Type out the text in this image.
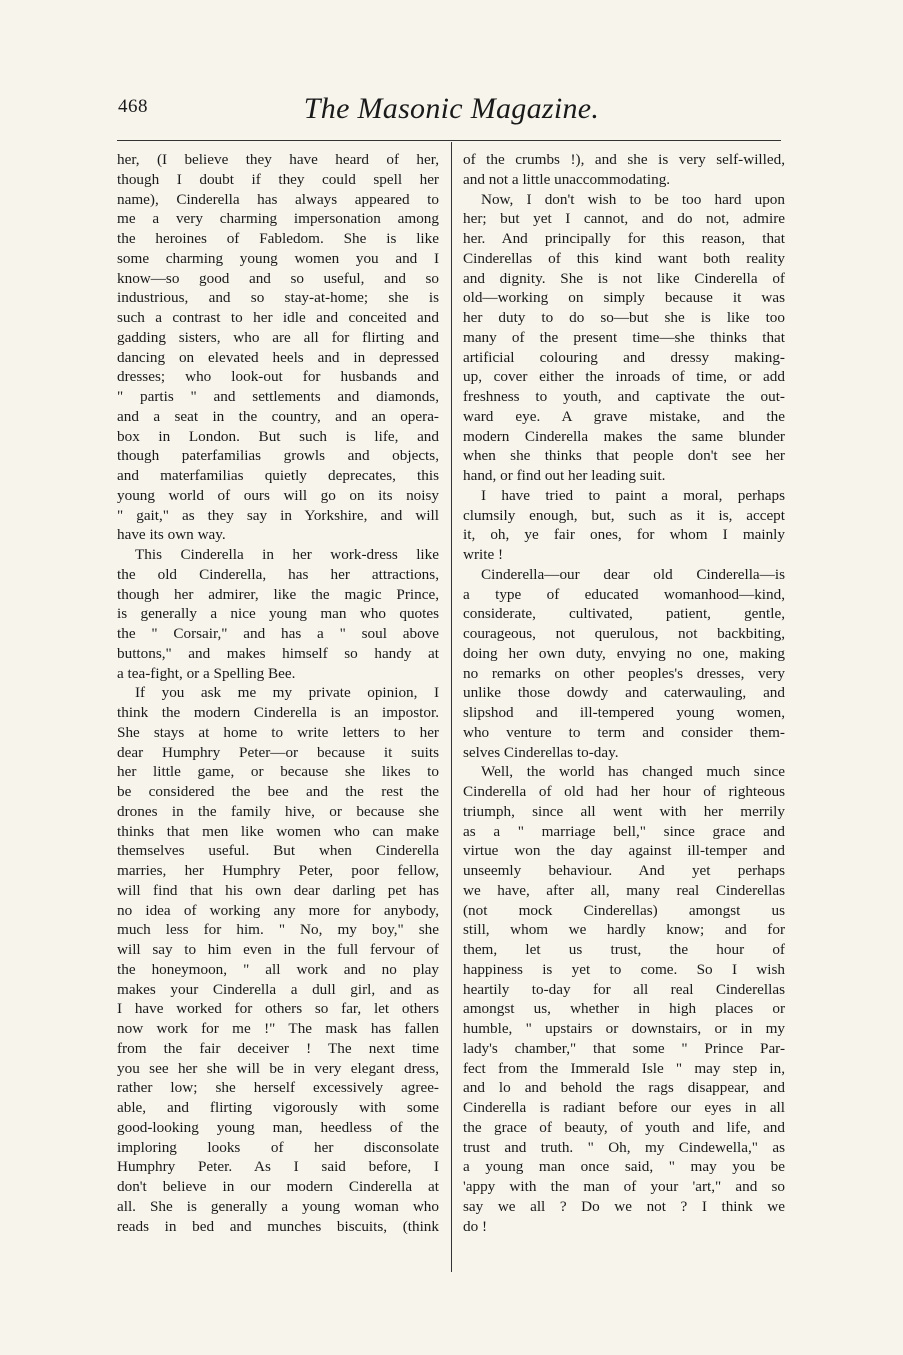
468	The Masonic Magazine.
her, (I believe they have heard of her,
though I doubt if they could spell her
name), Cinderella has always appeared to
me a very charming impersonation among
the heroines of Fabledom. She is like
some charming young women you and I
know—so good and so useful, and so
industrious, and so stay-at-home; she is
such a contrast to her idle and conceited and
gadding sisters, who are all for flirting and
dancing on elevated heels and in depressed
dresses; who look-out for husbands and
" partis " and settlements and diamonds,
and a seat in the country, and an opera-
box in London. But such is life, and
though paterfamilias growls and objects,
and materfamilias quietly deprecates, this
young world of ours will go on its noisy
" gait," as they say in Yorkshire, and will
have its own way.
This Cinderella in her work-dress like
the old Cinderella, has her attractions,
though her admirer, like the magic Prince,
is generally a nice young man who quotes
the " Corsair," and has a " soul above
buttons," and makes himself so handy at
a tea-fight, or a Spelling Bee.
If you ask me my private opinion, I
think the modern Cinderella is an impostor.
She stays at home to write letters to her
dear Humphry Peter—or because it suits
her little game, or because she likes to
be considered the bee and the rest the
drones in the family hive, or because she
thinks that men like women who can make
themselves useful. But when Cinderella
marries, her Humphry Peter, poor fellow,
will find that his own dear darling pet has
no idea of working any more for anybody,
much less for him. " No, my boy," she
will say to him even in the full fervour of
the honeymoon, " all work and no play
makes your Cinderella a dull girl, and as
I have worked for others so far, let others
now work for me !" The mask has fallen
from the fair deceiver ! The next time
you see her she will be in very elegant dress,
rather low; she herself excessively agree-
able, and flirting vigorously with some
good-looking young man, heedless of the
imploring looks of her disconsolate
Humphry Peter. As I said before, I
don't believe in our modern Cinderella at
all. She is generally a young woman who
reads in bed and munches biscuits, (think
of the crumbs !), and she is very self-willed,
and not a little unaccommodating.
Now, I don't wish to be too hard upon
her; but yet I cannot, and do not, admire
her. And principally for this reason, that
Cinderellas of this kind want both reality
and dignity. She is not like Cinderella of
old—working on simply because it was
her duty to do so—but she is like too
many of the present time—she thinks that
artificial colouring and dressy making-
up, cover either the inroads of time, or add
freshness to youth, and captivate the out-
ward eye. A grave mistake, and the
modern Cinderella makes the same blunder
when she thinks that people don't see her
hand, or find out her leading suit.
I have tried to paint a moral, perhaps
clumsily enough, but, such as it is, accept
it, oh, ye fair ones, for whom I mainly
write !
Cinderella—our dear old Cinderella—is
a type of educated womanhood—kind,
considerate, cultivated, patient, gentle,
courageous, not querulous, not backbiting,
doing her own duty, envying no one, making
no remarks on other peoples's dresses, very
unlike those dowdy and caterwauling, and
slipshod and ill-tempered young women,
who venture to term and consider them-
selves Cinderellas to-day.
Well, the world has changed much since
Cinderella of old had her hour of righteous
triumph, since all went with her merrily
as a " marriage bell," since grace and
virtue won the day against ill-temper and
unseemly behaviour. And yet perhaps
we have, after all, many real Cinderellas
(not mock Cinderellas) amongst us
still, whom we hardly know; and for
them, let us trust, the hour of
happiness is yet to come. So I wish
heartily to-day for all real Cinderellas
amongst us, whether in high places or
humble, " upstairs or downstairs, or in my
lady's chamber," that some " Prince Par-
fect from the Immerald Isle " may step in,
and lo and behold the rags disappear, and
Cinderella is radiant before our eyes in all
the grace of beauty, of youth and life, and
trust and truth. " Oh, my Cindewella," as
a young man once said, " may you be
'appy with the man of your 'art," and so
say we all ? Do we not ? I think we
do !
